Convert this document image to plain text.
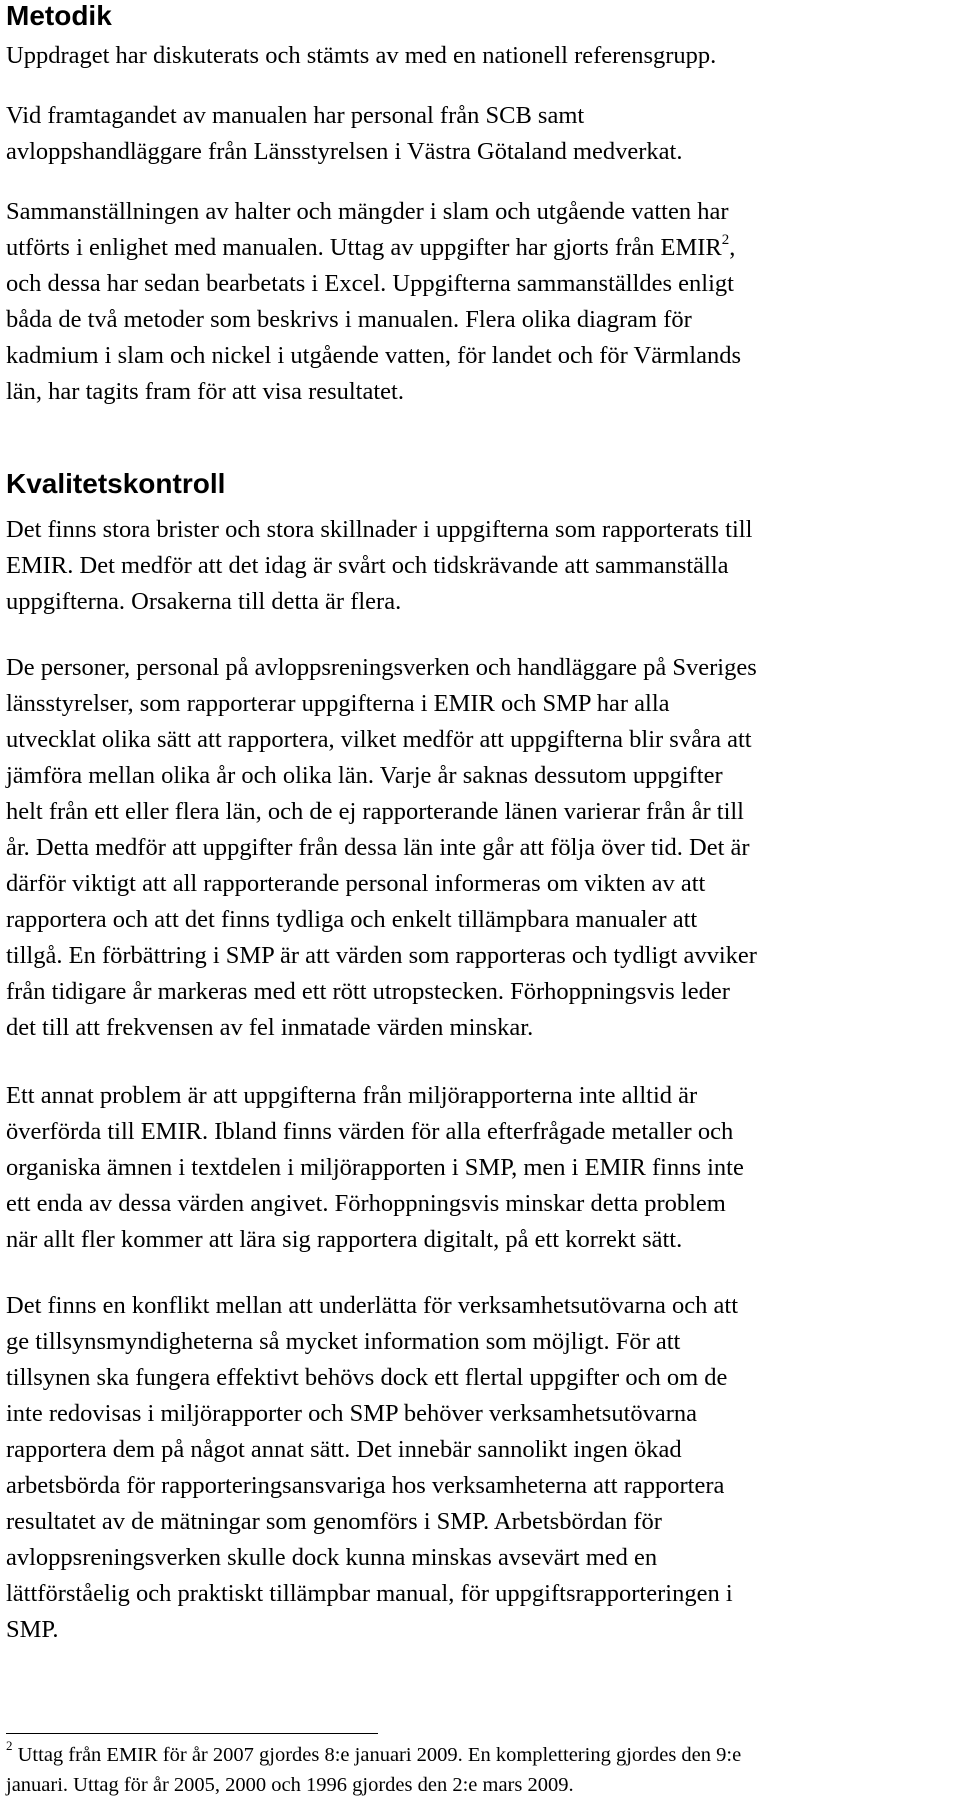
Metodik

Uppdraget har diskuterats och stämts av med en nationell referensgrupp.

Vid framtagandet av manualen har personal från SCB samt
avloppshandläggare från Länsstyrelsen i Västra Götaland medverkat.

Sammanställningen av halter och mängder i slam och utgående vatten har
utförts i enlighet med manualen. Uttag av uppgifter har gjorts från EMIR$^2$,
och dessa har sedan bearbetats i Excel. Uppgifterna sammanställdes enligt
båda de två metoder som beskrivs i manualen. Flera olika diagram för
kadmium i slam och nickel i utgående vatten, för landet och för Värmlands
län, har tagits fram för att visa resultatet.

Kvalitetskontroll

Det finns stora brister och stora skillnader i uppgifterna som rapporterats till
EMIR. Det medför att det idag är svårt och tidskrävande att sammanställa
uppgifterna. Orsakerna till detta är flera.

De personer, personal på avloppsreningsverken och handläggare på Sveriges
länsstyrelser, som rapporterar uppgifterna i EMIR och SMP har alla
utvecklat olika sätt att rapportera, vilket medför att uppgifterna blir svåra att
jämföra mellan olika år och olika län. Varje år saknas dessutom uppgifter
helt från ett eller flera län, och de ej rapporterande länen varierar från år till
år. Detta medför att uppgifter från dessa län inte går att följa över tid. Det är
därför viktigt att all rapporterande personal informeras om vikten av att
rapportera och att det finns tydliga och enkelt tillämpbara manualer att
tillgå. En förbättring i SMP är att värden som rapporteras och tydligt avviker
från tidigare år markeras med ett rött utropstecken. Förhoppningsvis leder
det till att frekvensen av fel inmatade värden minskar.

Ett annat problem är att uppgifterna från miljörapporterna inte alltid är
överförda till EMIR. Ibland finns värden för alla efterfrågade metaller och
organiska ämnen i textdelen i miljörapporten i SMP, men i EMIR finns inte
ett enda av dessa värden angivet. Förhoppningsvis minskar detta problem
när allt fler kommer att lära sig rapportera digitalt, på ett korrekt sätt.

Det finns en konflikt mellan att underlätta för verksamhetsutövarna och att
ge tillsynsmyndigheterna så mycket information som möjligt. För att
tillsynen ska fungera effektivt behövs dock ett flertal uppgifter och om de
inte redovisas i miljörapporter och SMP behöver verksamhetsutövarna
rapportera dem på något annat sätt. Det innebär sannolikt ingen ökad
arbetsbörda för rapporteringsansvariga hos verksamheterna att rapportera
resultatet av de mätningar som genomförs i SMP. Arbetsbördan för
avloppsreningsverken skulle dock kunna minskas avsevärt med en
lättförståelig och praktiskt tillämpbar manual, för uppgiftsrapporteringen i
SMP.

$^2$ Uttag från EMIR för år 2007 gjordes 8:e januari 2009. En komplettering gjordes den 9:e
januari. Uttag för år 2005, 2000 och 1996 gjordes den 2:e mars 2009.
